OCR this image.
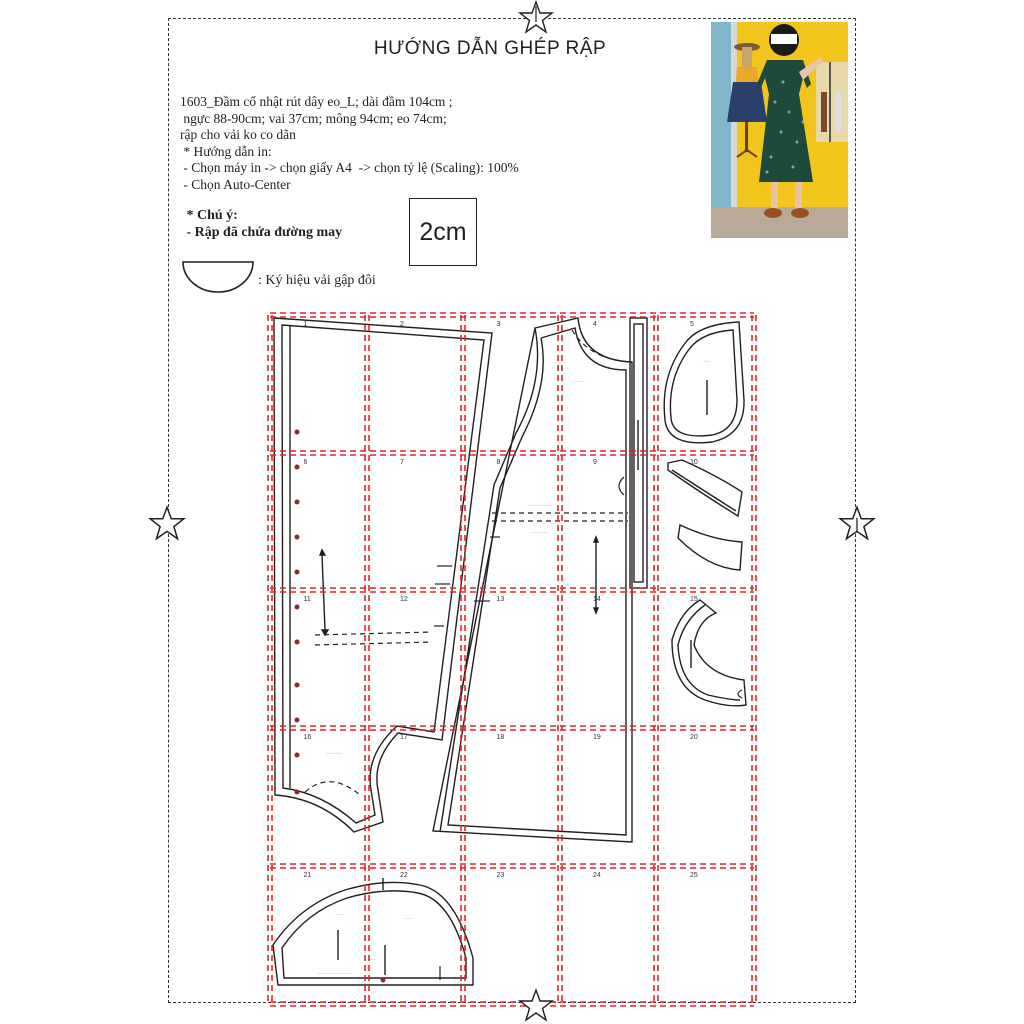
HƯỚNG DẪN GHÉP RẬP
1603_Đầm cổ nhật rút dây eo_L; dài đầm 104cm ;
ngực 88-90cm; vai 37cm; mông 94cm; eo 74cm;
rập cho vải ko co dãn
* Hướng dẫn in:
- Chọn máy in -> chọn giấy A4  -> chọn tỷ lệ (Scaling): 100%
- Chọn Auto-Center
* Chú ý:
- Rập đã chứa đường may	2cm
: Ký hiệu vải gập đôi
............
.......
..........................
..................
................
..........
.......
..........
...................................
..........
.......
.....
1	2	3	4	5
6	7	8	9	10
11	12	13	14	15
16	17	18	19	20
21	22	23	24	25
